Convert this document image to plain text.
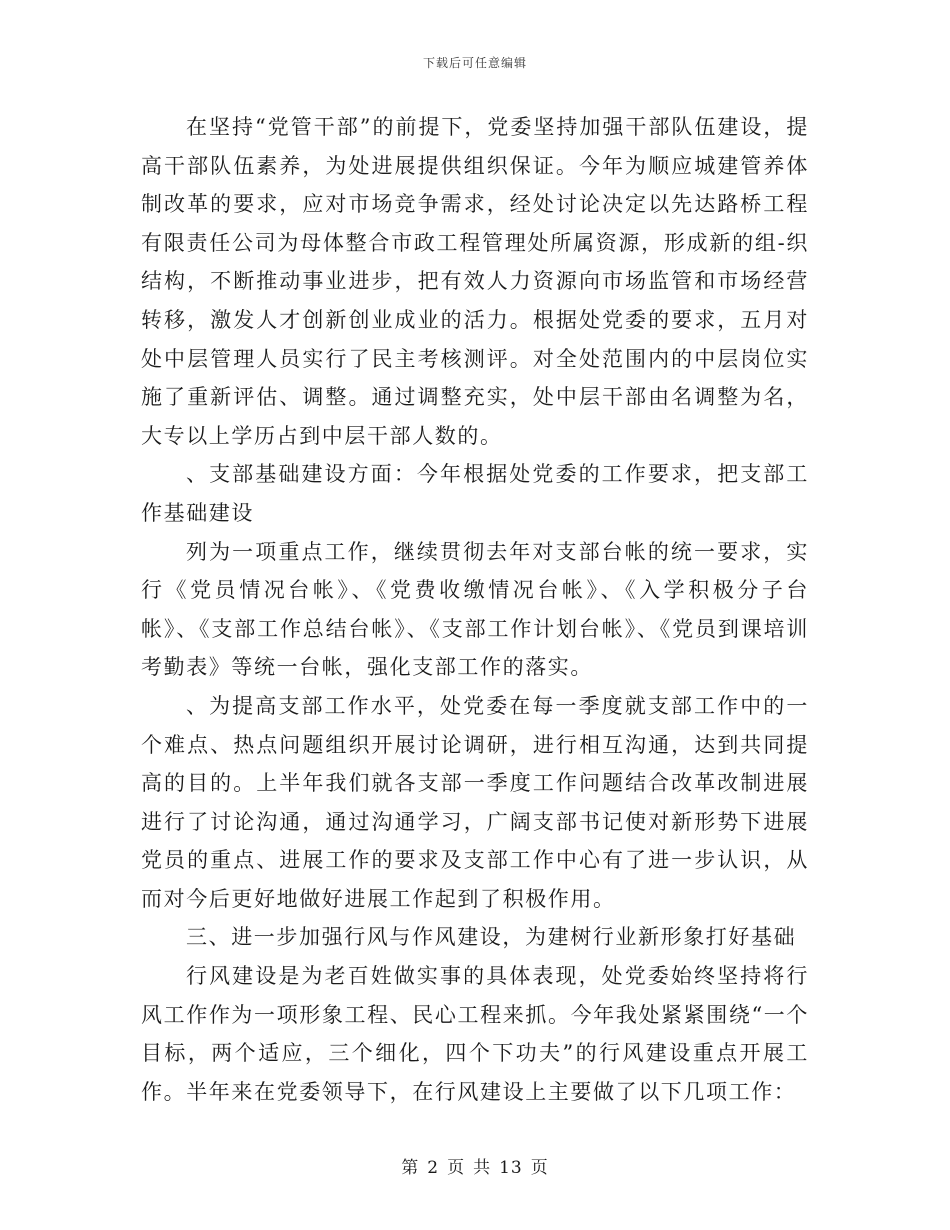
下载后可任意编辑

在坚持“党管干部”的前提下，党委坚持加强干部队伍建设，提高干部队伍素养，为处进展提供组织保证。今年为顺应城建管养体制改革的要求，应对市场竞争需求，经处讨论决定以先达路桥工程有限责任公司为母体整合市政工程管理处所属资源，形成新的组-织结构，不断推动事业进步，把有效人力资源向市场监管和市场经营转移，激发人才创新创业成业的活力。根据处党委的要求，五月对处中层管理人员实行了民主考核测评。对全处范围内的中层岗位实施了重新评估、调整。通过调整充实，处中层干部由名调整为名，大专以上学历占到中层干部人数的。

、支部基础建设方面：今年根据处党委的工作要求，把支部工作基础建设

列为一项重点工作，继续贯彻去年对支部台帐的统一要求，实行《党员情况台帐》、《党费收缴情况台帐》、《入学积极分子台帐》、《支部工作总结台帐》、《支部工作计划台帐》、《党员到课培训考勤表》等统一台帐，强化支部工作的落实。

、为提高支部工作水平，处党委在每一季度就支部工作中的一个难点、热点问题组织开展讨论调研，进行相互沟通，达到共同提高的目的。上半年我们就各支部一季度工作问题结合改革改制进展进行了讨论沟通，通过沟通学习，广阔支部书记使对新形势下进展党员的重点、进展工作的要求及支部工作中心有了进一步认识，从而对今后更好地做好进展工作起到了积极作用。

三、进一步加强行风与作风建设，为建树行业新形象打好基础

行风建设是为老百姓做实事的具体表现，处党委始终坚持将行风工作作为一项形象工程、民心工程来抓。今年我处紧紧围绕“一个目标，两个适应，三个细化，四个下功夫”的行风建设重点开展工作。半年来在党委领导下，在行风建设上主要做了以下几项工作：

第 2 页 共 13 页
